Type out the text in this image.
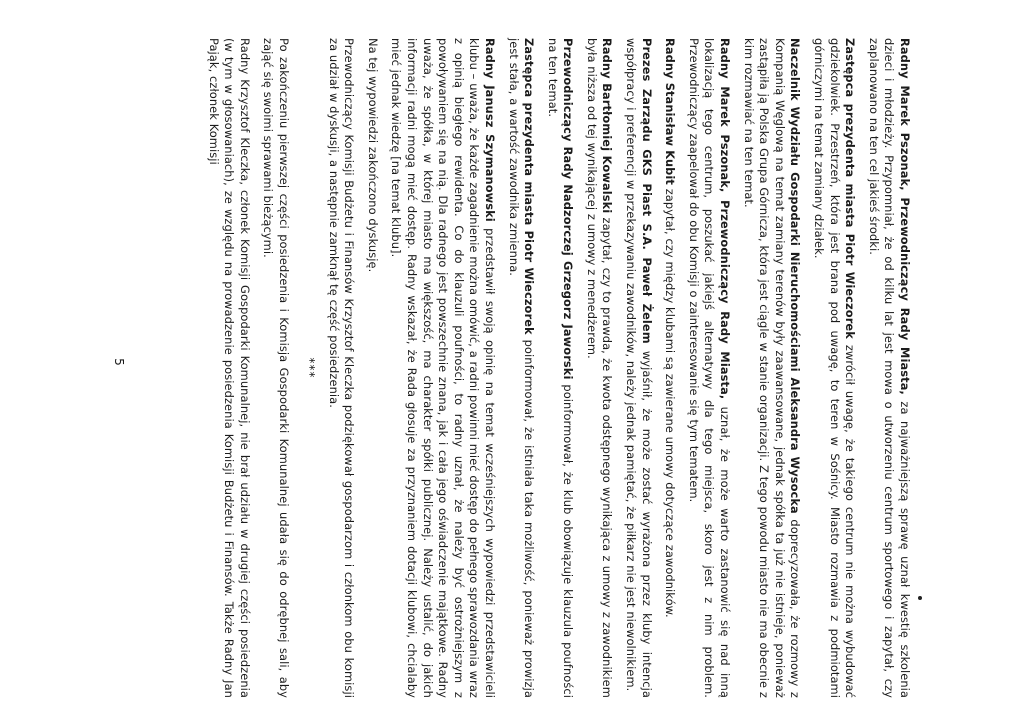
Radny Marek Pszonak, Przewodniczący Rady Miasta, za najważniejszą sprawę uznał kwestię szkolenia dzieci i młodzieży. Przypomniał, że od kilku lat jest mowa o utworzeniu centrum sportowego i zapytał, czy zaplanowano na ten cel jakieś środki.

Zastępca prezydenta miasta Piotr Wieczorek zwrócił uwagę, że takiego centrum nie można wybudować gdziekolwiek. Przestrzeń, która jest brana pod uwagę, to teren w Sośnicy. Miasto rozmawia z podmiotami górniczymi na temat zamiany działek.

Naczelnik Wydziału Gospodarki Nieruchomościami Aleksandra Wysocka doprecyzowała, że rozmowy z Kompanią Węglową na temat zamiany terenów były zaawansowane, jednak spółka ta już nie istnieje, ponieważ zastąpiła ją Polska Grupa Górnicza, która jest ciągle w stanie organizacji. Z tego powodu miasto nie ma obecnie z kim rozmawiać na ten temat.

Radny Marek Pszonak, Przewodniczący Rady Miasta, uznał, że może warto zastanowić się nad inną lokalizacją tego centrum, poszukać jakiejś alternatywy dla tego miejsca, skoro jest z nim problem. Przewodniczący zaapelował do obu Komisji o zainteresowanie się tym tematem.

Radny Stanisław Kubit zapytał, czy między klubami są zawierane umowy dotyczące zawodników.

Prezes Zarządu GKS Piast S.A. Paweł Żelem wyjaśnił, że może zostać wyrażona przez kluby intencja współpracy i preferencji w przekazywaniu zawodników, należy jednak pamiętać, że piłkarz nie jest niewolnikiem.

Radny Bartłomiej Kowalski zapytał, czy to prawda, że kwota odstępnego wynikająca z umowy z zawodnikiem była niższa od tej wynikającej z umowy z menedżerem.

Przewodniczący Rady Nadzorczej Grzegorz Jaworski poinformował, że klub obowiązuje klauzula poufności na ten temat.

Zastępca prezydenta miasta Piotr Wieczorek poinformował, że istniała taka możliwość, ponieważ prowizja jest stała, a wartość zawodnika zmienna.

Radny Janusz Szymanowski przedstawił swoją opinię na temat wcześniejszych wypowiedzi przedstawicieli klubu – uważa, że każde zagadnienie można omówić, a radni powinni mieć dostęp do pełnego sprawozdania wraz z opinią biegłego rewidenta. Co do klauzuli poufności, to radny uznał, że należy być ostrożniejszym z powoływaniem się na nią. Dla radnego jest powszechnie znana, jak i cała jego oświadczenie majątkowe. Radny uważa, że spółka, w której miasto ma większość, ma charakter spółki publicznej. Należy ustalić, do jakich informacji radni mogą mieć dostęp. Radny wskazał, że Rada głosuje za przyznaniem dotacji klubowi, chcialaby mieć jednak wiedzę [na temat klubu].

Na tej wypowiedzi zakończono dyskusję.

Przewodniczący Komisji Budżetu i Finansów Krzysztof Kleczka podziękował gospodarzom i członkom obu komisji za udział w dyskusji, a następnie zamknął tę część posiedzenia.

***

Po zakończeniu pierwszej części posiedzenia i Komisja Gospodarki Komunalnej udała się do odrębnej sali, aby zająć się swoimi sprawami bieżącymi.

Radny Krzysztof Kleczka, członek Komisji Gospodarki Komunalnej, nie brał udziału w drugiej części posiedzenia (w tym w głosowaniach), ze względu na prowadzenie posiedzenia Komisji Budżetu i Finansów. Także Radny Jan Pająk, członek Komisji

5
